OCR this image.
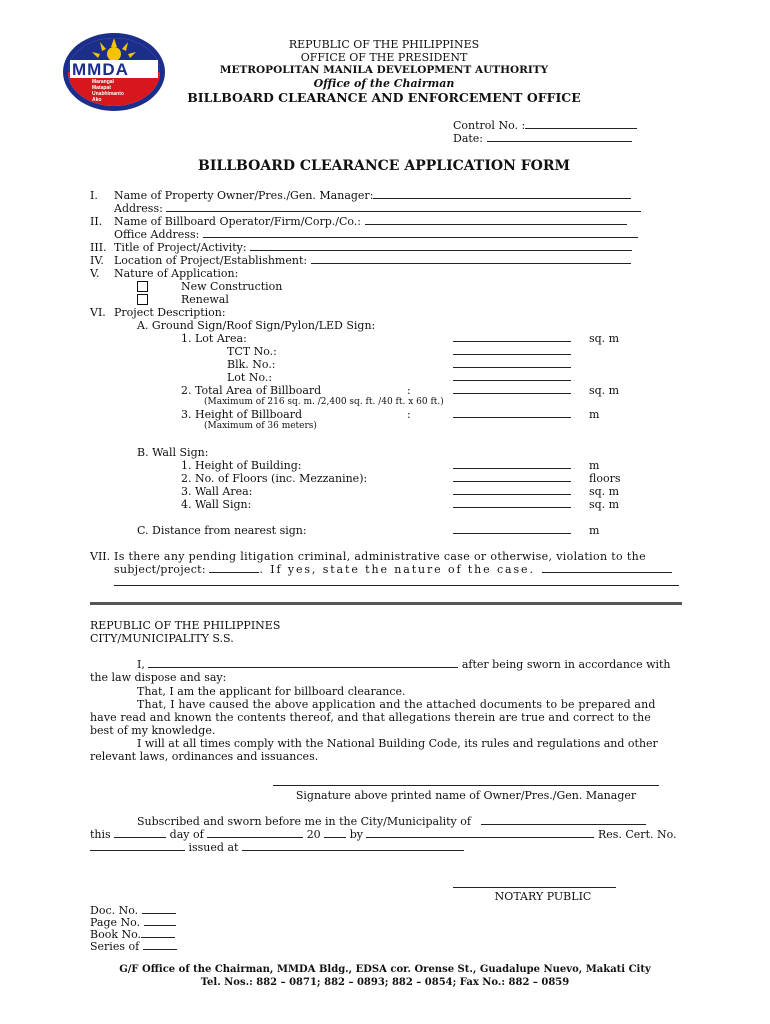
MMDA
Marangal
Matapat
Unabhimanto
Ako
REPUBLIC OF THE PHILIPPINES
OFFICE OF THE PRESIDENT
METROPOLITAN MANILA DEVELOPMENT AUTHORITY
Office of the Chairman
BILLBOARD CLEARANCE AND ENFORCEMENT OFFICE
Control No. :
Date:
BILLBOARD CLEARANCE APPLICATION FORM
I. Name of Property Owner/Pres./Gen. Manager:
Address:
II. Name of Billboard Operator/Firm/Corp./Co.:
Office Address:
III. Title of Project/Activity:
IV. Location of Project/Establishment:
V. Nature of Application:
New Construction
Renewal
VI. Project Description:
A. Ground Sign/Roof Sign/Pylon/LED Sign:
1. Lot Area:	sq. m
TCT No.:
Blk. No.:
Lot No.:
2. Total Area of Billboard	:	sq. m
(Maximum of 216 sq. m. /2,400 sq. ft. /40 ft. x 60 ft.)
3. Height of Billboard	:	m
(Maximum of 36 meters)
B. Wall Sign:
1. Height of Building:	m
2. No. of Floors (inc. Mezzanine):	floors
3. Wall Area:	sq. m
4. Wall Sign:	sq. m
C. Distance from nearest sign:	m
VII. Is there any pending litigation criminal, administrative case or otherwise, violation to the
subject/project:	. If yes, state the nature of the case.
REPUBLIC OF THE PHILIPPINES
CITY/MUNICIPALITY S.S.
I,	after being sworn in accordance with
the law dispose and say:
That, I am the applicant for billboard clearance.
That, I have caused the above application and the attached documents to be prepared and
have read and known the contents thereof, and that allegations therein are true and correct to the
best of my knowledge.
I will at all times comply with the National Building Code, its rules and regulations and other
relevant laws, ordinances and issuances.
Signature above printed name of Owner/Pres./Gen. Manager
Subscribed and sworn before me in the City/Municipality of
this	day of	20	by	Res. Cert. No.
issued at
NOTARY PUBLIC
Doc. No.
Page No.
Book No.
Series of
G/F Office of the Chairman, MMDA Bldg., EDSA cor. Orense St., Guadalupe Nuevo, Makati City
Tel. Nos.: 882 – 0871; 882 – 0893; 882 – 0854; Fax No.: 882 – 0859
